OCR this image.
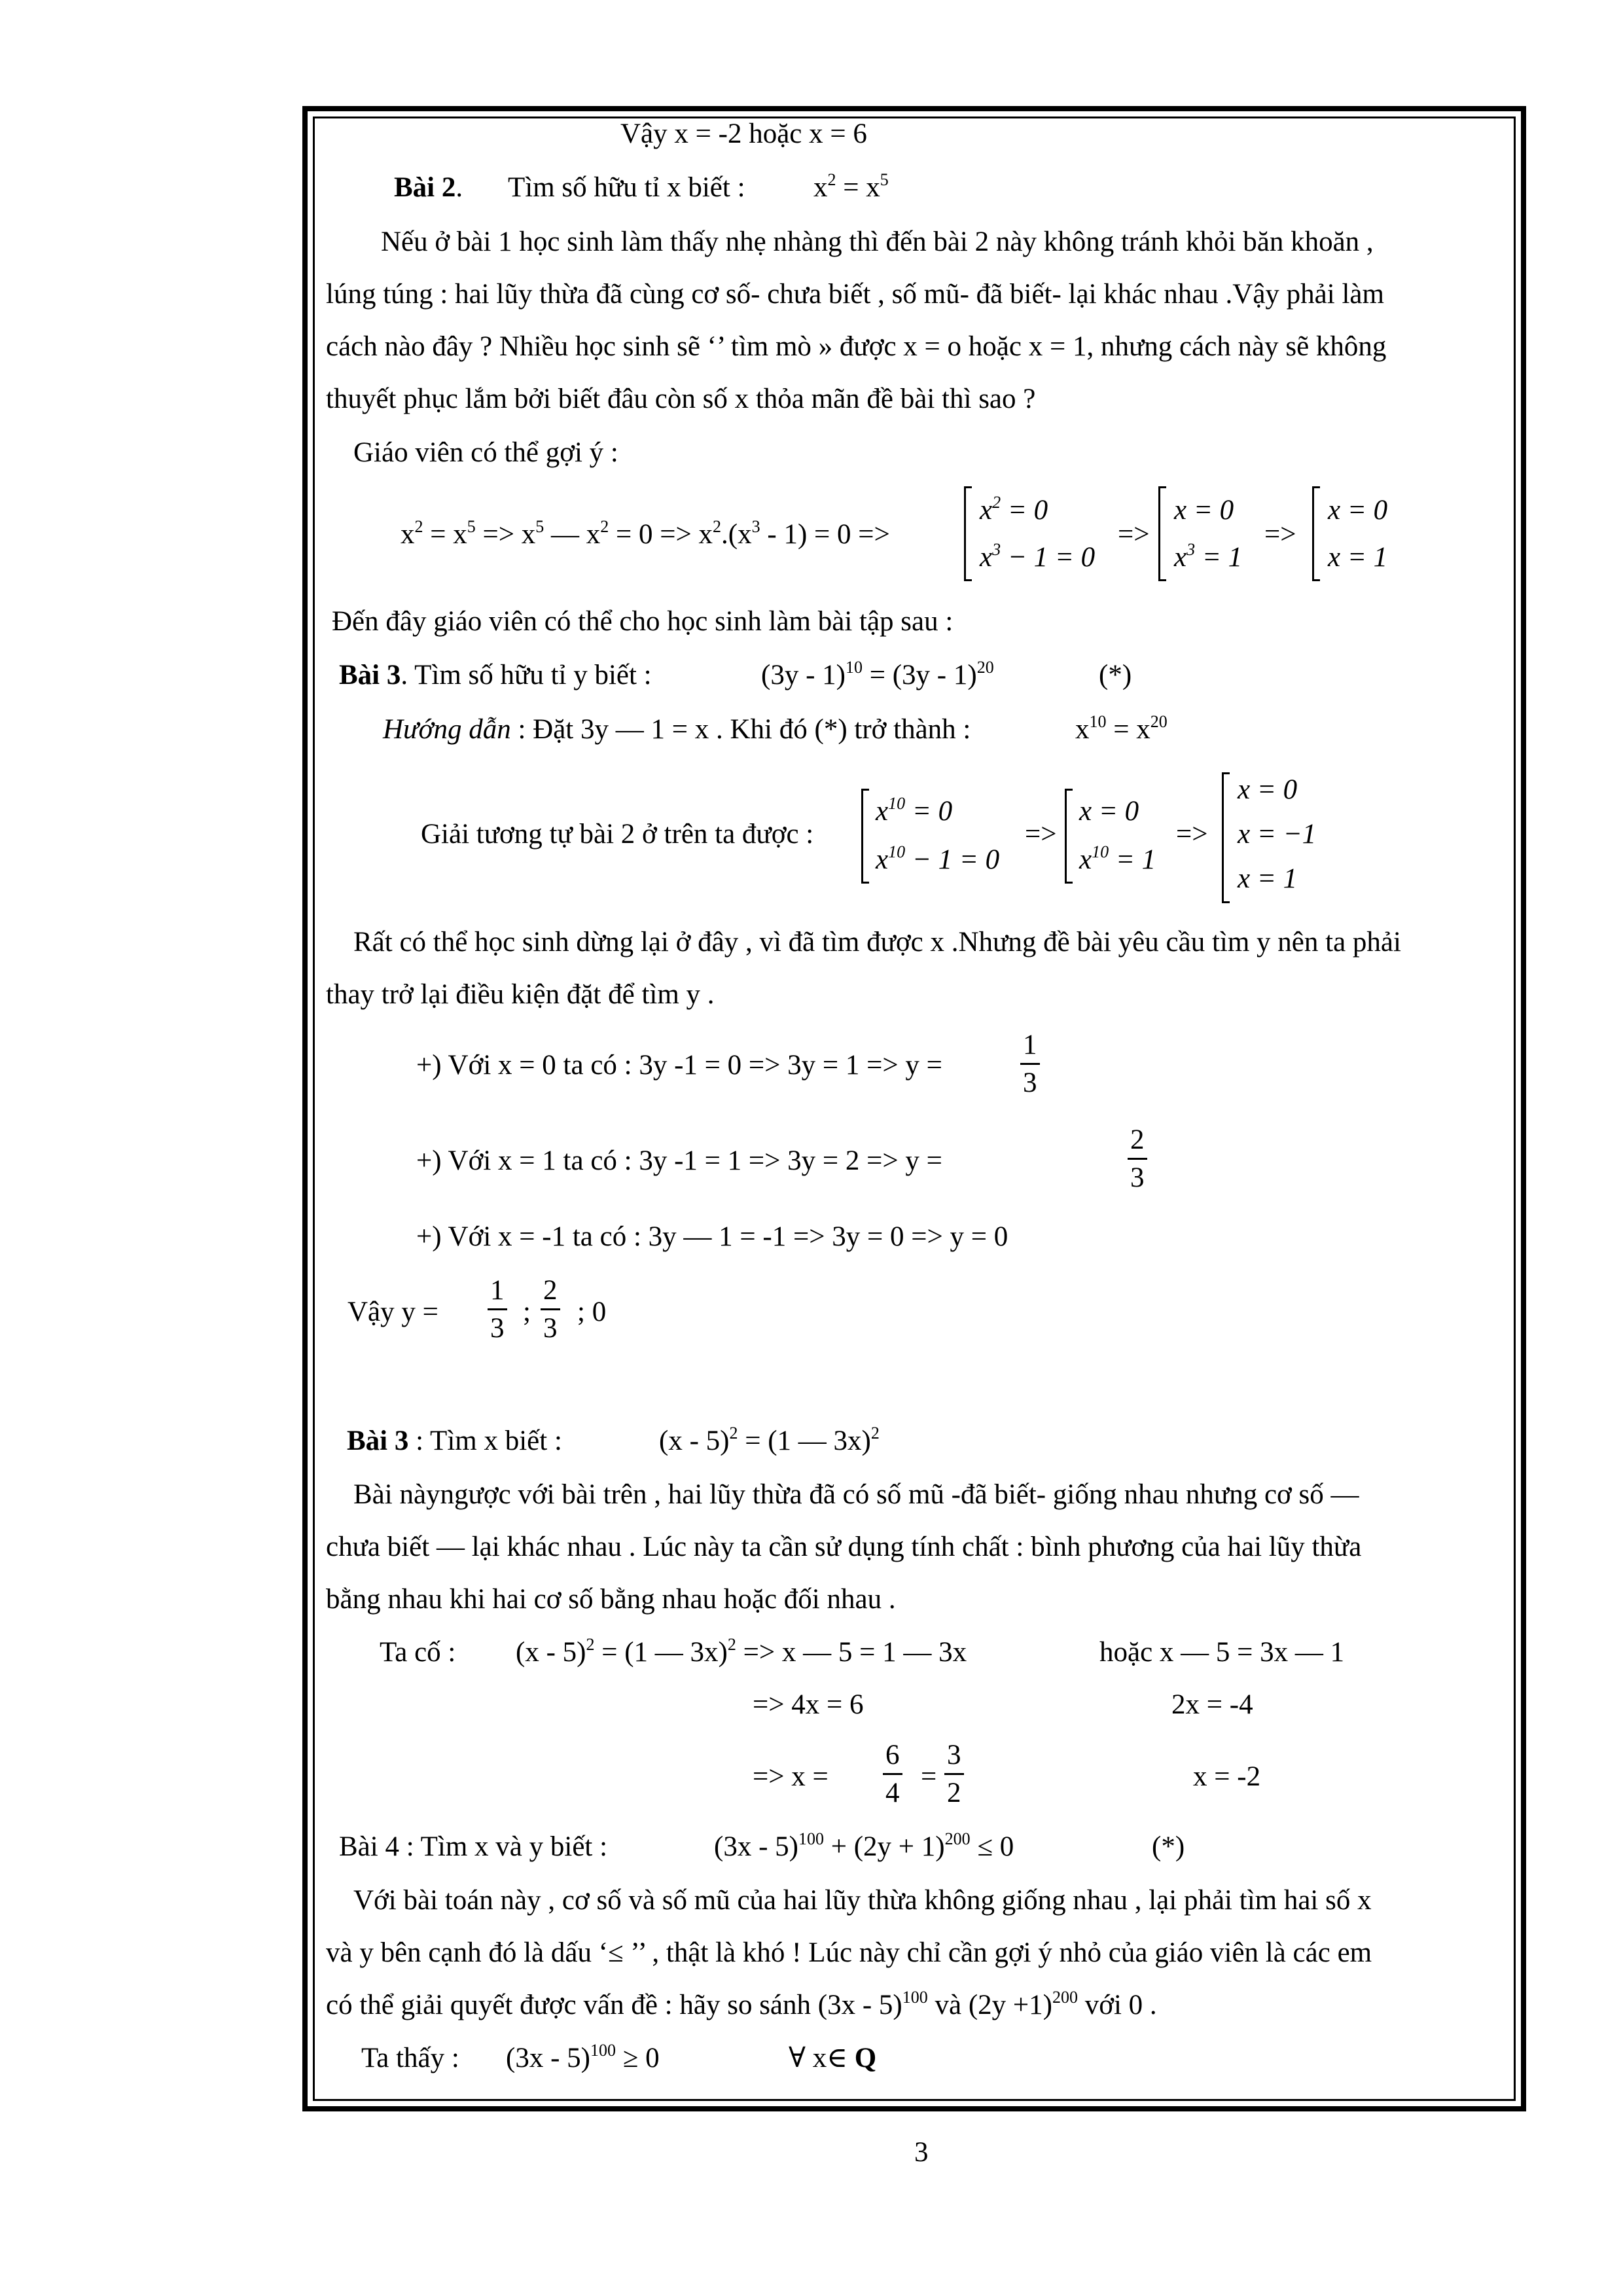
Vậy x = -2 hoặc x = 6
Bài 2. Tìm số hữu tỉ x biết : $x^2 = x^5$
Nếu ở bài 1 học sinh làm thấy nhẹ nhàng thì đến bài 2 này không tránh khỏi băn khoăn ,
lúng túng : hai lũy thừa đã cùng cơ số- chưa biết , số mũ- đã biết- lại khác nhau .Vậy phải làm
cách nào đây ? Nhiều học sinh sẽ ‘’ tìm mò » được x = o hoặc x = 1, nhưng cách này sẽ không
thuyết phục lắm bởi biết đâu còn số x thỏa mãn đề bài thì sao ?
Giáo viên có thể gợi ý :
$x^2 = x^5 => x^5$ — $x^2 = 0 => x^2.(x^3 - 1) = 0$ =>
$x^2 = 0$
$x^3 - 1 = 0$
=>
x = 0
$x^3 = 1$
=>
x = 0
x = 1
Đến đây giáo viên có thể cho học sinh làm bài tập sau :
Bài 3. Tìm số hữu tỉ y biết :	(3y - 1)$^{10}$ = (3y - 1)$^{20}$	(*)
Hướng dẫn : Đặt 3y — 1 = x . Khi đó (*) trở thành :	$x^{10} = x^{20}$
Giải tương tự bài 2 ở trên ta được :
$x^{10} = 0$
$x^{10} - 1 = 0$
=>
x = 0
$x^{10} = 1$
=>
x = 0
x = −1
x = 1
Rất có thể học sinh dừng lại ở đây , vì đã tìm được x .Nhưng đề bài yêu cầu tìm y nên ta phải
thay trở lại điều kiện đặt để tìm y .
+) Với x = 0 ta có : 3y -1 = 0 => 3y = 1 => y =	$\frac{1}{3}$
+) Với x = 1 ta có : 3y -1 = 1 => 3y = 2 => y =	$\frac{2}{3}$
+) Với x = -1 ta có : 3y — 1 = -1 => 3y = 0 => y = 0
Vậy $y = \frac{1}{3}$ ; $\frac{2}{3}$ ; 0
Bài 3 : Tìm x biết :	(x - 5)$^2$ = (1 — 3x)$^2$
Bài nàyngược với bài trên , hai lũy thừa đã có số mũ -đã biết- giống nhau nhưng cơ số —
chưa biết — lại khác nhau . Lúc này ta cần sử dụng tính chất : bình phương của hai lũy thừa
bằng nhau khi hai cơ số bằng nhau hoặc đối nhau .
Ta cố : (x - 5)$^2$ = (1 — 3x)$^2$ => x — 5 = 1 — 3x	hoặc x — 5 = 3x — 1
=> 4x = 6	2x = -4
=> $x = \frac{6}{4} = \frac{3}{2}$	x = -2
Bài 4 : Tìm x và y biết :	$(3x - 5)^{100} + (2y + 1)^{200} \le 0$	(*)
Với bài toán này , cơ số và số mũ của hai lũy thừa không giống nhau , lại phải tìm hai số x
và y bên cạnh đó là dấu ‘≤ ’’ , thật là khó ! Lúc này chỉ cần gợi ý nhỏ của giáo viên là các em
có thể giải quyết được vấn đề : hãy so sánh (3x - 5)$^{100}$ và $(2y +1)^{200}$ với 0 .
Ta thấy : (3x - 5)$^{100}$ ≥ 0	∀ x∈ Q
3
